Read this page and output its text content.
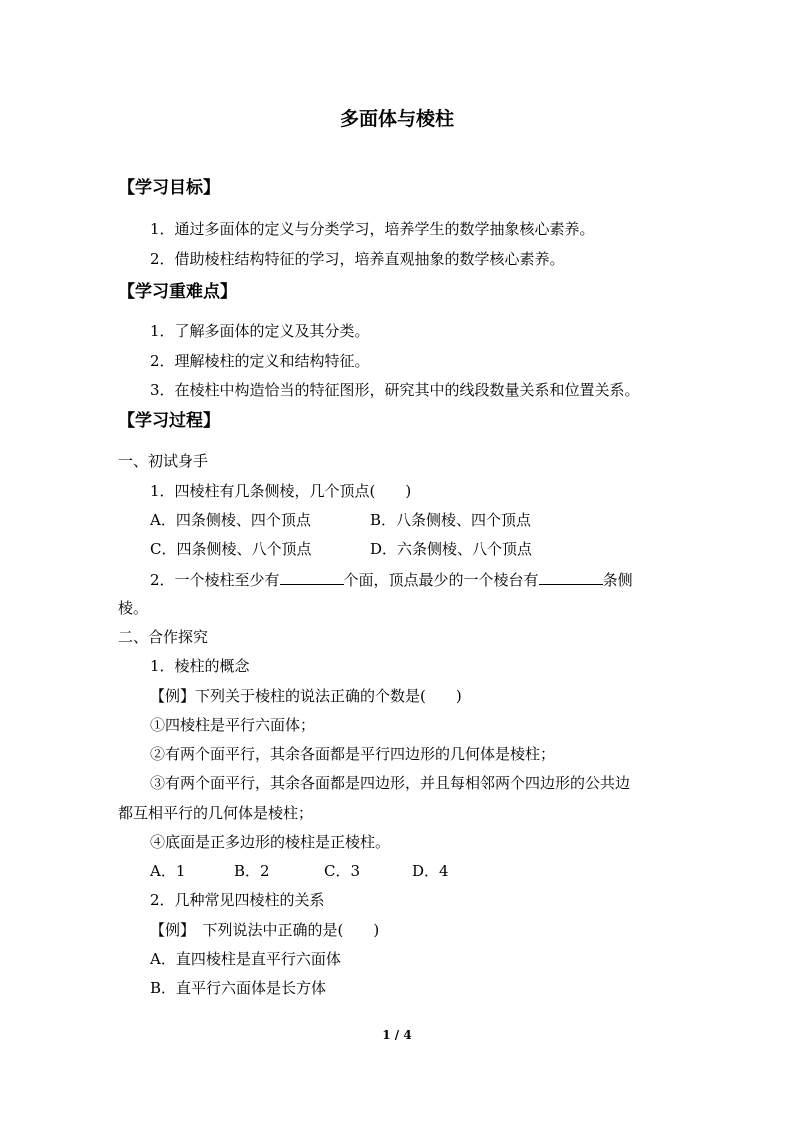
多面体与棱柱
【学习目标】
1．通过多面体的定义与分类学习，培养学生的数学抽象核心素养。
2．借助棱柱结构特征的学习，培养直观抽象的数学核心素养。
【学习重难点】
1．了解多面体的定义及其分类。
2．理解棱柱的定义和结构特征。
3．在棱柱中构造恰当的特征图形，研究其中的线段数量关系和位置关系。
【学习过程】
一、初试身手
1．四棱柱有几条侧棱，几个顶点(　　)
A．四条侧棱、四个顶点	B．八条侧棱、四个顶点
C．四条侧棱、八个顶点	D．六条侧棱、八个顶点
2．一个棱柱至少有	个面，顶点最少的一个棱台有	条侧
棱。
二、合作探究
1．棱柱的概念
【例】下列关于棱柱的说法正确的个数是(　　)
①四棱柱是平行六面体；
②有两个面平行，其余各面都是平行四边形的几何体是棱柱；
③有两个面平行，其余各面都是四边形，并且每相邻两个四边形的公共边
都互相平行的几何体是棱柱；
④底面是正多边形的棱柱是正棱柱。
A．1	B．2	C．3	D．4
2．几种常见四棱柱的关系
【例】　下列说法中正确的是(　　)
A．直四棱柱是直平行六面体
B．直平行六面体是长方体
1 / 4
